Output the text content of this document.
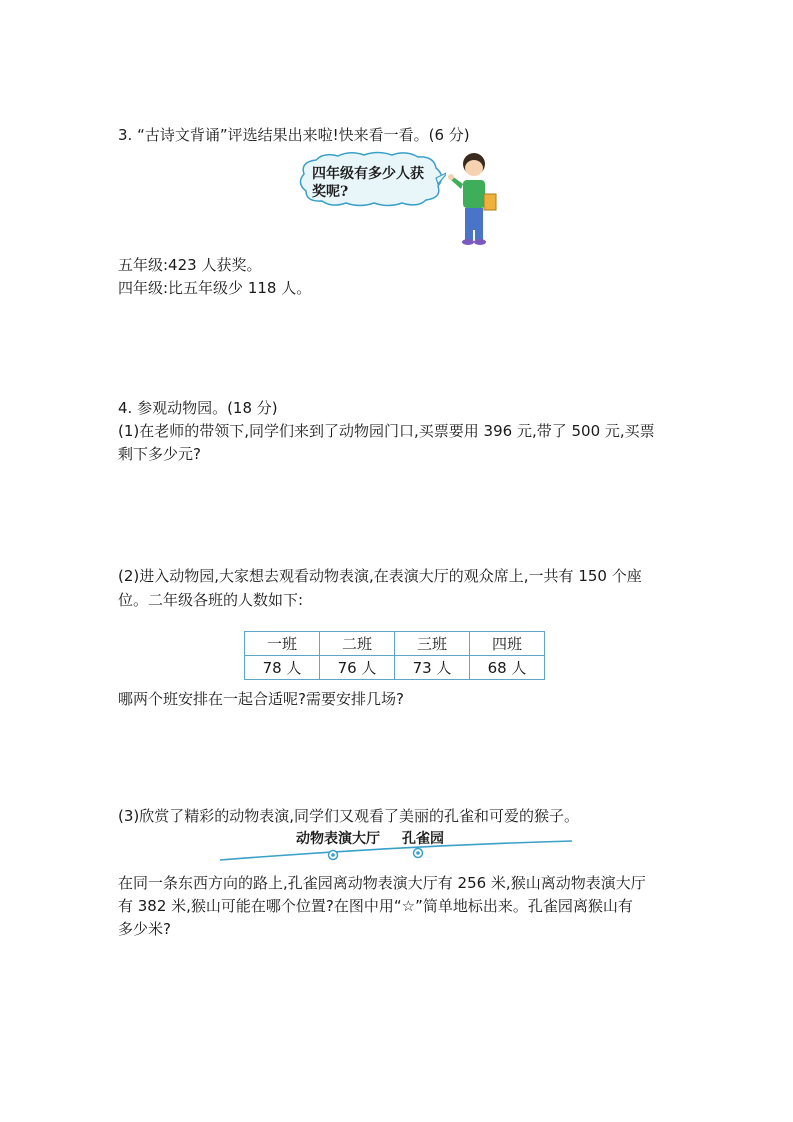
3. “古诗文背诵”评选结果出来啦!快来看一看。(6 分)
四年级有多少人获
奖呢?
五年级:423 人获奖。
四年级:比五年级少 118 人。
4. 参观动物园。(18 分)
(1)在老师的带领下,同学们来到了动物园门口,买票要用 396 元,带了 500 元,买票
剩下多少元?
(2)进入动物园,大家想去观看动物表演,在表演大厅的观众席上,一共有 150 个座
位。二年级各班的人数如下:
一班	二班	三班	四班
78 人	76 人	73 人	68 人
哪两个班安排在一起合适呢?需要安排几场?
(3)欣赏了精彩的动物表演,同学们又观看了美丽的孔雀和可爱的猴子。
动物表演大厅 孔雀园
在同一条东西方向的路上,孔雀园离动物表演大厅有 256 米,猴山离动物表演大厅
有 382 米,猴山可能在哪个位置?在图中用“☆”简单地标出来。孔雀园离猴山有
多少米?
